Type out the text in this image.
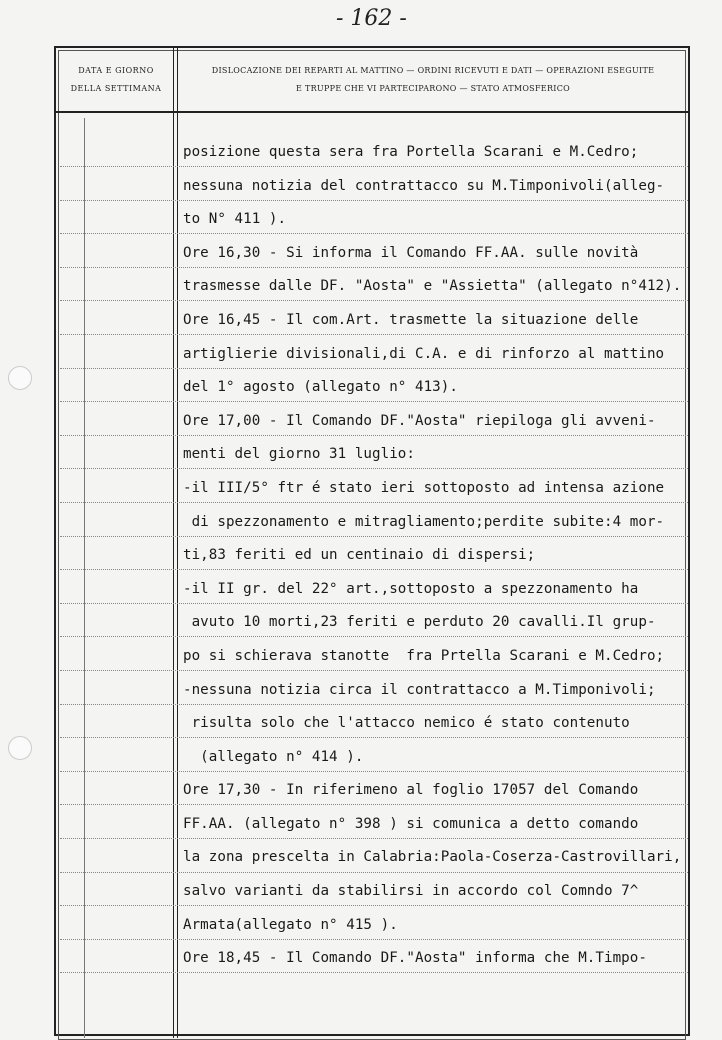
- 162 -
DATA E GIORNO
DELLA SETTIMANA
DISLOCAZIONE DEI REPARTI AL MATTINO — ORDINI RICEVUTI E DATI — OPERAZIONI ESEGUITE
E TRUPPE CHE VI PARTECIPARONO — STATO ATMOSFERICO
posizione questa sera fra Portella Scarani e M.Cedro;
nessuna notizia del contrattacco su M.Timponivoli(alleg-
to N° 411 ).
Ore 16,30 - Si informa il Comando FF.AA. sulle novità
trasmesse dalle DF. "Aosta" e "Assietta" (allegato n°412).
Ore 16,45 - Il com.Art. trasmette la situazione delle
artiglierie divisionali,di C.A. e di rinforzo al mattino
del 1° agosto (allegato n° 413).
Ore 17,00 - Il Comando DF."Aosta" riepiloga gli avveni-
menti del giorno 31 luglio:
-il III/5° ftr é stato ieri sottoposto ad intensa azione
di spezzonamento e mitragliamento;perdite subite:4 mor-
ti,83 feriti ed un centinaio di dispersi;
-il II gr. del 22° art.,sottoposto a spezzonamento ha
avuto 10 morti,23 feriti e perduto 20 cavalli.Il grup-
po si schierava stanotte  fra Prtella Scarani e M.Cedro;
-nessuna notizia circa il contrattacco a M.Timponivoli;
risulta solo che l'attacco nemico é stato contenuto
(allegato n° 414 ).
Ore 17,30 - In riferimeno al foglio 17057 del Comando
FF.AA. (allegato n° 398 ) si comunica a detto comando
la zona prescelta in Calabria:Paola-Coserza-Castrovillari,
salvo varianti da stabilirsi in accordo col Comndo 7^
Armata(allegato n° 415 ).
Ore 18,45 - Il Comando DF."Aosta" informa che M.Timpo-
